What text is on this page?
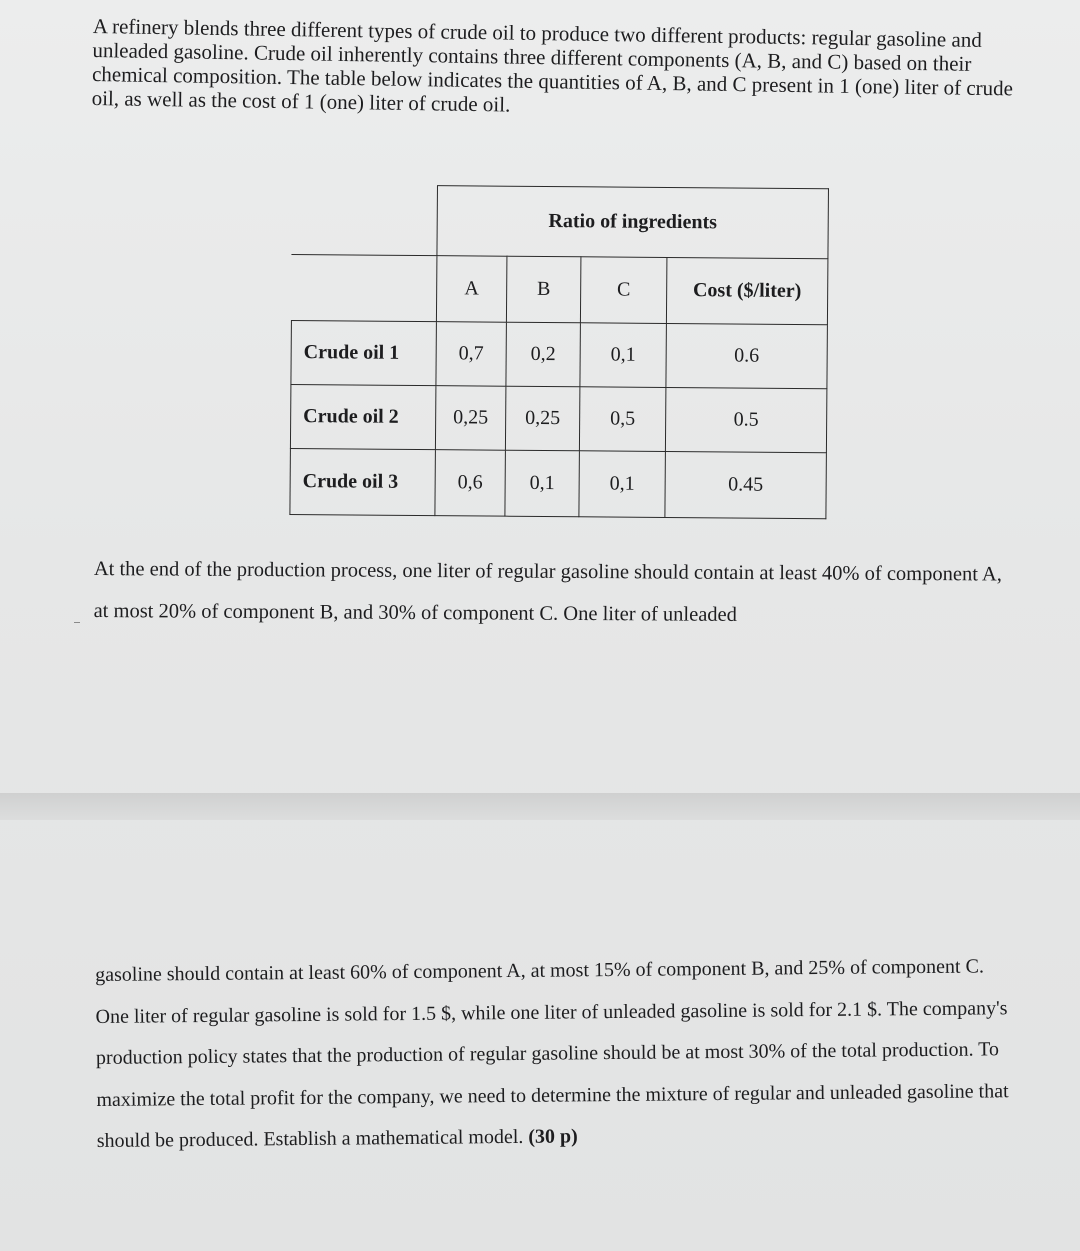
A refinery blends three different types of crude oil to produce two different products: regular gasoline and unleaded gasoline. Crude oil inherently contains three different components (A, B, and C) based on their chemical composition. The table below indicates the quantities of A, B, and C present in 1 (one) liter of crude oil, as well as the cost of 1 (one) liter of crude oil.

	Ratio of ingredients			
	A	B	C	Cost ($/liter)
Crude oil 1	0,7	0,2	0,1	0.6
Crude oil 2	0,25	0,25	0,5	0.5
Crude oil 3	0,6	0,1	0,1	0.45

At the end of the production process, one liter of regular gasoline should contain at least 40% of component A, at most 20% of component B, and 30% of component C. One liter of unleaded

gasoline should contain at least 60% of component A, at most 15% of component B, and 25% of component C.
One liter of regular gasoline is sold for 1.5 $, while one liter of unleaded gasoline is sold for 2.1 $. The company's production policy states that the production of regular gasoline should be at most 30% of the total production. To maximize the total profit for the company, we need to determine the mixture of regular and unleaded gasoline that should be produced. Establish a mathematical model. (30 p)
